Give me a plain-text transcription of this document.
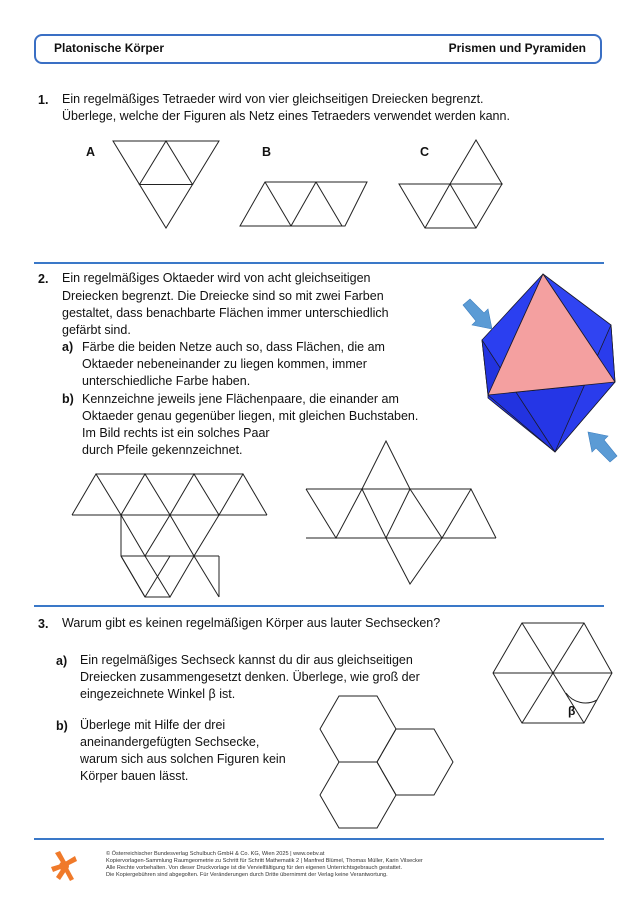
Platonische Körper	Prismen und Pyramiden
1. Ein regelmäßiges Tetraeder wird von vier gleichseitigen Dreiecken begrenzt.
Überlege, welche der Figuren als Netz eines Tetraeders verwendet werden kann.
A	B	C
2. Ein regelmäßiges Oktaeder wird von acht gleichseitigen
Dreiecken begrenzt. Die Dreiecke sind so mit zwei Farben
gestaltet, dass benachbarte Flächen immer unterschiedlich
gefärbt sind.
a) Färbe die beiden Netze auch so, dass Flächen, die am
Oktaeder nebeneinander zu liegen kommen, immer
unterschiedliche Farbe haben.
b) Kennzeichne jeweils jene Flächenpaare, die einander am
Oktaeder genau gegenüber liegen, mit gleichen Buchstaben.
Im Bild rechts ist ein solches Paar
durch Pfeile gekennzeichnet.
3. Warum gibt es keinen regelmäßigen Körper aus lauter Sechsecken?
a) Ein regelmäßiges Sechseck kannst du dir aus gleichseitigen
Dreiecken zusammengesetzt denken. Überlege, wie groß der
eingezeichnete Winkel β ist.
b) Überlege mit Hilfe der drei
aneinandergefügten Sechsecke,
warum sich aus solchen Figuren kein
Körper bauen lässt.
β
© Österreichischer Bundesverlag Schulbuch GmbH & Co. KG, Wien 2025 | www.oebv.at
Kopiervorlagen-Sammlung Raumgeometrie zu Schritt für Schritt Mathematik 2 | Manfred Blümel, Thomas Müller, Karin Vilsecker
Alle Rechte vorbehalten. Von dieser Druckvorlage ist die Vervielfältigung für den eigenen Unterrichtsgebrauch gestattet.
Die Kopiergebühren sind abgegolten. Für Veränderungen durch Dritte übernimmt der Verlag keine Verantwortung.
